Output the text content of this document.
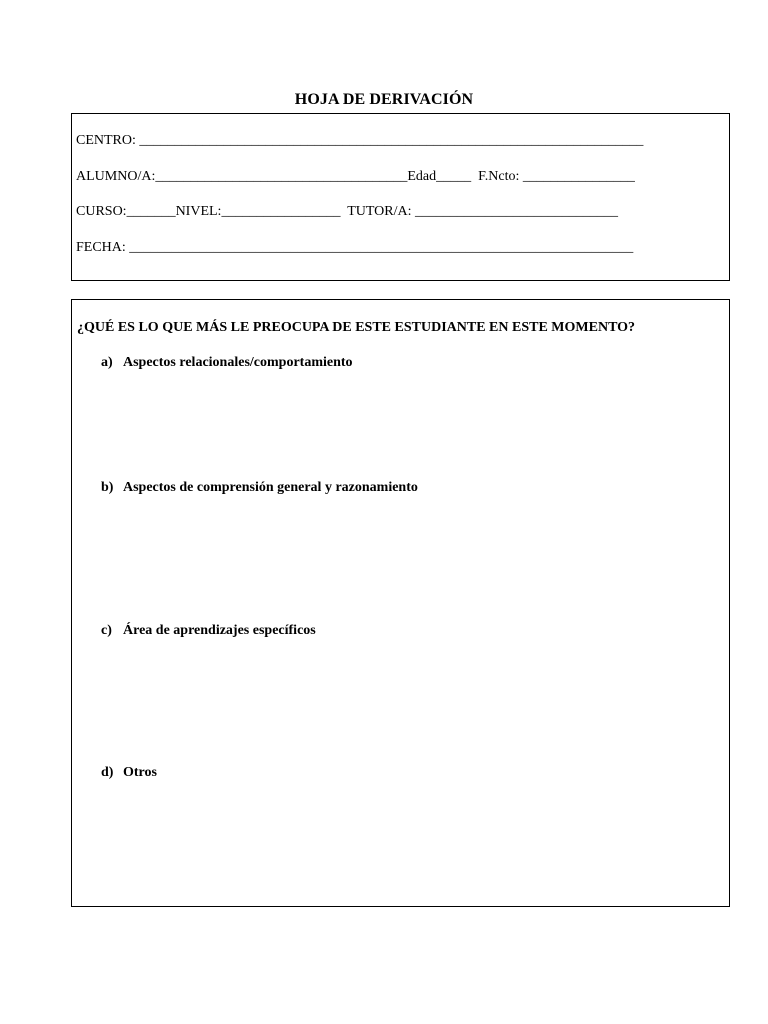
HOJA DE DERIVACIÓN
CENTRO: ________________________________________________________________________
ALUMNO/A:____________________________________Edad_____  F.Ncto: ________________
CURSO:_______NIVEL:_________________  TUTOR/A: _____________________________
FECHA: ________________________________________________________________________
¿QUÉ ES LO QUE MÁS LE PREOCUPA DE ESTE ESTUDIANTE EN ESTE MOMENTO?
a) Aspectos relacionales/comportamiento
b) Aspectos de comprensión general y razonamiento
c) Área de aprendizajes específicos
d) Otros
